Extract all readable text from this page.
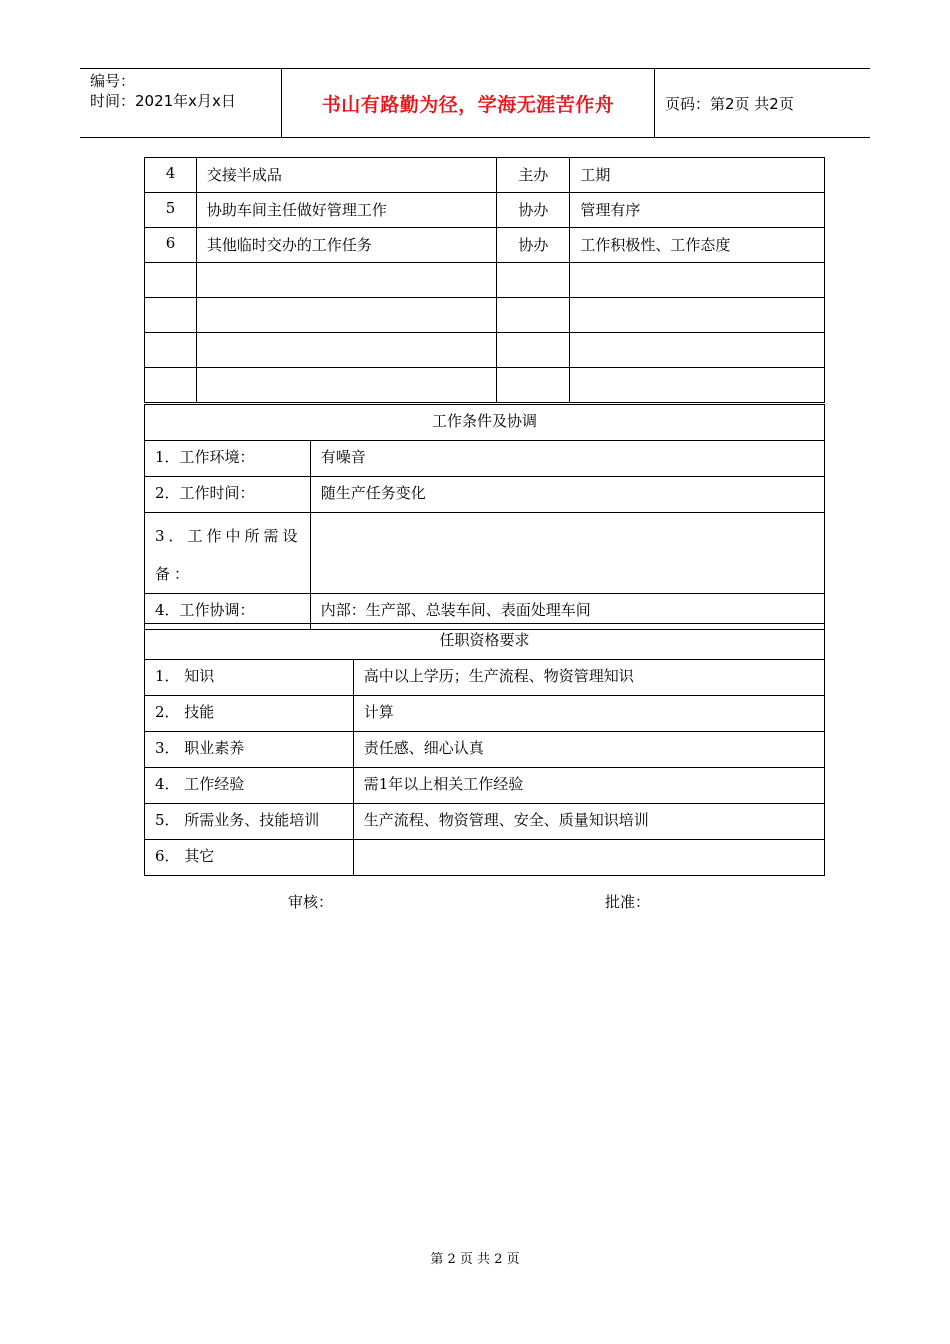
编号：
时间：2021年x月x日	书山有路勤为径，学海无涯苦作舟	页码：第2页 共2页
4	交接半成品	主办	工期
5	协助车间主任做好管理工作	协办	管理有序
6	其他临时交办的工作任务	协办	工作积极性、工作态度

工作条件及协调	
1．工作环境：	有噪音
2．工作时间：	随生产任务变化
3．工作中所需设备：	
4．工作协调：	内部：生产部、总装车间、表面处理车间
任职资格要求	
1． 知识	高中以上学历；生产流程、物资管理知识
2． 技能	计算
3． 职业素养	责任感、细心认真
4． 工作经验	需1年以上相关工作经验
5． 所需业务、技能培训	生产流程、物资管理、安全、质量知识培训
6． 其它	
审核：	批准：
第 2 页 共 2 页
